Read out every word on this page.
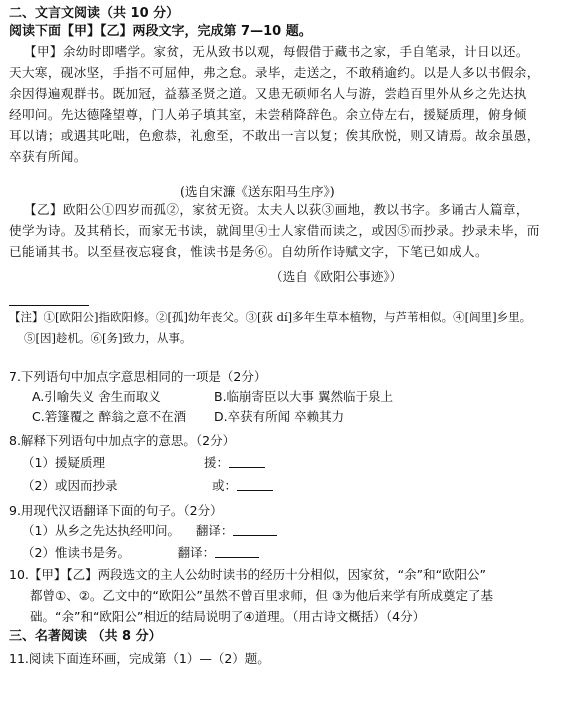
二、文言文阅读（共 10 分）
阅读下面【甲】【乙】两段文字，完成第 7—10 题。
【甲】余幼时即嗜学。家贫，无从致书以观，每假借于藏书之家，手自笔录，计日以还。
天大寒，砚冰坚，手指不可屈伸，弗之怠。录毕，走送之，不敢稍逾约。以是人多以书假余，
余因得遍观群书。既加冠，益慕圣贤之道。又患无硕师名人与游，尝趋百里外从乡之先达执
经叩问。先达德隆望尊，门人弟子填其室，未尝稍降辞色。余立侍左右，援疑质理，俯身倾
耳以请；或遇其叱咄，色愈恭，礼愈至，不敢出一言以复；俟其欣悦，则又请焉。故余虽愚，
卒获有所闻。
(选自宋濂《送东阳马生序》)
【乙】欧阳公①四岁而孤②，家贫无资。太夫人以荻③画地，教以书字。多诵古人篇章，
使学为诗。及其稍长，而家无书读，就闾里④士人家借而读之，或因⑤而抄录。抄录未毕，而
已能诵其书。以至昼夜忘寝食，惟读书是务⑥。自幼所作诗赋文字，下笔已如成人。
（选自《欧阳公事迹》）
【注】①[欧阳公]指欧阳修。②[孤]幼年丧父。③[荻 dí]多年生草本植物，与芦苇相似。④[闾里]乡里。
⑤[因]趁机。⑥[务]致力，从事。
7.下列语句中加点字意思相同的一项是（2分）
A.引喻失义 舍生而取义	B.临崩寄臣以大事 翼然临于泉上
C.箬篷覆之 醉翁之意不在酒 D.卒获有所闻 卒赖其力
8.解释下列语句中加点字的意思。（2分）
（1）援疑质理	援：
（2）或因而抄录	或：
9.用现代汉语翻译下面的句子。（2分）
（1）从乡之先达执经叩问。 翻译：
（2）惟读书是务。	翻译：
10.【甲】【乙】两段选文的主人公幼时读书的经历十分相似，因家贫，“余”和“欧阳公”
都曾①、②。乙文中的“欧阳公”虽然不曾百里求师，但 ③为他后来学有所成奠定了基
础。“余”和“欧阳公”相近的结局说明了④道理。（用古诗文概括）（4分）
三、名著阅读 （共 8 分）
11.阅读下面连环画，完成第（1）—（2）题。
